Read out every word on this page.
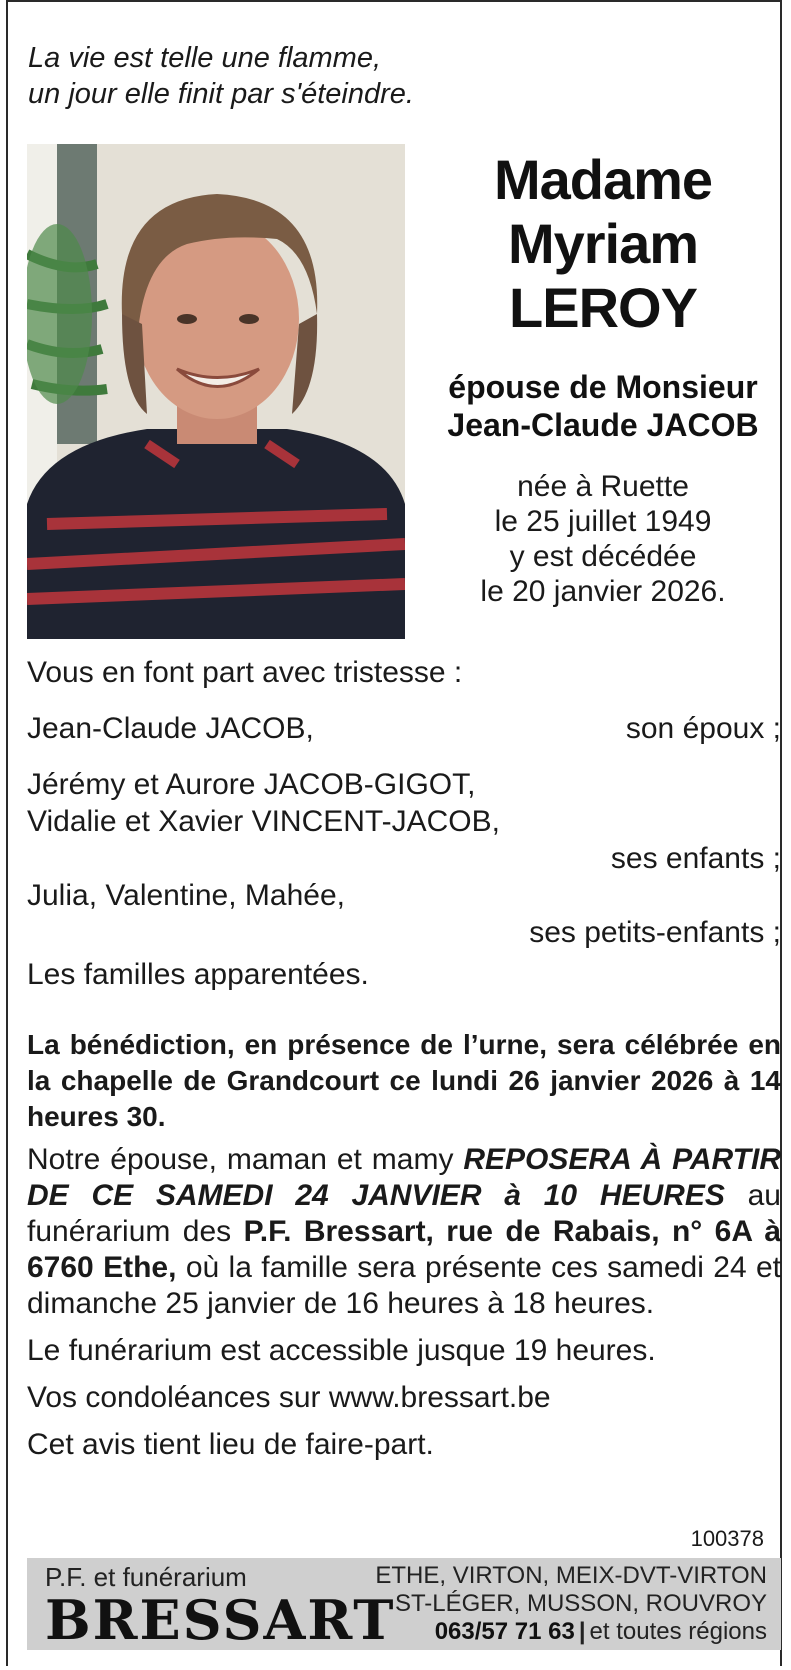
La vie est telle une flamme,
un jour elle finit par s'éteindre.
Madame
Myriam
LEROY
épouse de Monsieur
Jean-Claude JACOB
née à Ruette
le 25 juillet 1949
y est décédée
le 20 janvier 2026.
Vous en font part avec tristesse :
Jean-Claude JACOB,	son époux ;
Jérémy et Aurore JACOB-GIGOT,
Vidalie et Xavier VINCENT-JACOB,
ses enfants ;
Julia, Valentine, Mahée,
ses petits-enfants ;
Les familles apparentées.
La bénédiction, en présence de l’urne, sera célébrée en la chapelle de Grandcourt ce lundi 26 janvier 2026 à 14 heures 30.
Notre épouse, maman et mamy REPOSERA À PARTIR DE CE SAMEDI 24 JANVIER à 10 HEURES au funérarium des P.F. Bressart, rue de Rabais, n° 6A à 6760 Ethe, où la famille sera présente ces samedi 24 et dimanche 25 janvier de 16 heures à 18 heures.
Le funérarium est accessible jusque 19 heures.
Vos condoléances sur www.bressart.be
Cet avis tient lieu de faire-part.
100378
P.F. et funérarium
BRESSART
ETHE, VIRTON, MEIX-DVT-VIRTON
ST-LÉGER, MUSSON, ROUVROY
063/57 71 63 | et toutes régions
